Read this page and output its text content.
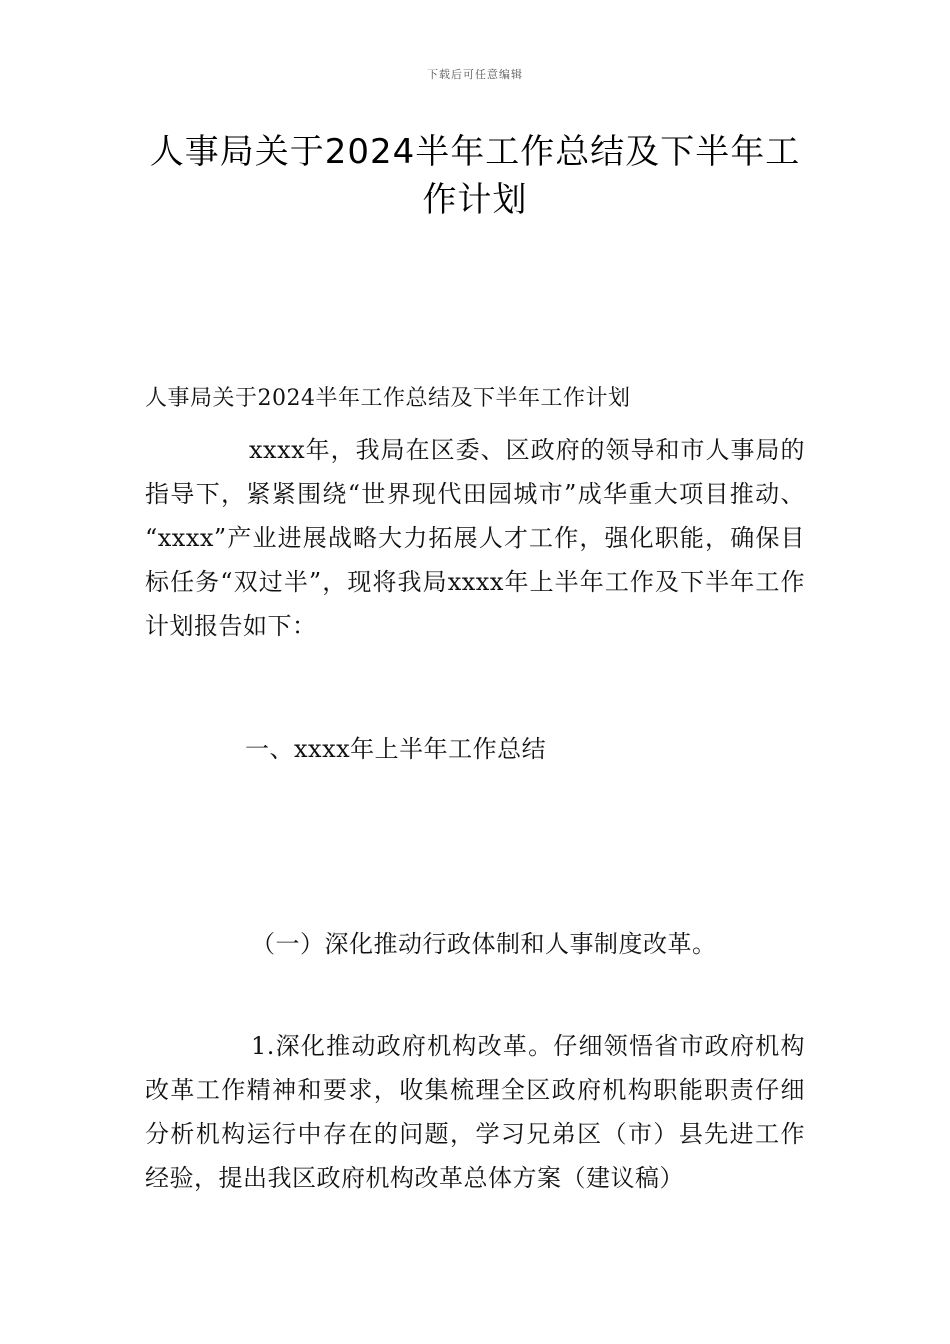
下载后可任意编辑
人事局关于2024半年工作总结及下半年工作计划

人事局关于2024半年工作总结及下半年工作计划

xxxx年，我局在区委、区政府的领导和市人事局的指导下，紧紧围绕“世界现代田园城市”成华重大项目推动、 “xxxx”产业进展战略大力拓展人才工作，强化职能，确保目标任务“双过半”，现将我局xxxx年上半年工作及下半年工作计划报告如下：

一、xxxx年上半年工作总结

（一）深化推动行政体制和人事制度改革。

1.深化推动政府机构改革。仔细领悟省市政府机构改革工作精神和要求，收集梳理全区政府机构职能职责仔细分析机构运行中存在的问题，学习兄弟区（市）县先进工作经验，提出我区政府机构改革总体方案（建议稿）
